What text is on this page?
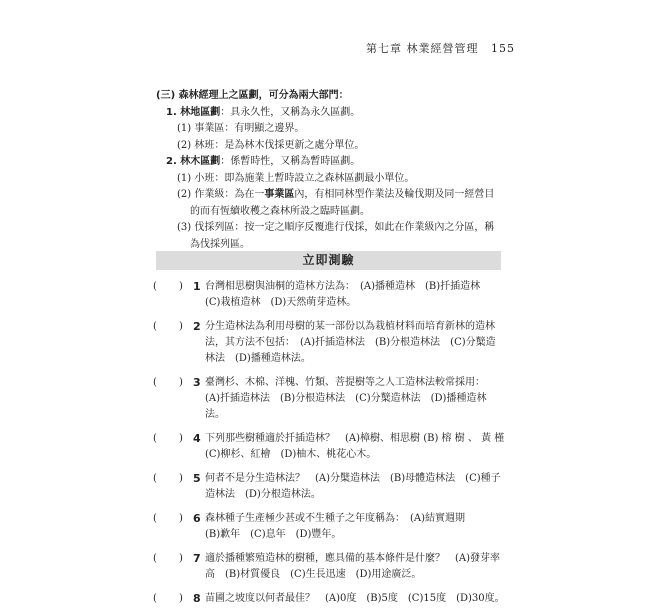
第七章 林業經營管理 155
(三) 森林經理上之區劃，可分為兩大部門：
1. 林地區劃：具永久性，又稱為永久區劃。
(1) 事業區：有明顯之邊界。
(2) 林班：是為林木伐採更新之處分單位。
2. 林木區劃：係暫時性，又稱為暫時區劃。
(1) 小班：即為施業上暫時設立之森林區劃最小單位。
(2) 作業級：為在一事業區內，有相同林型作業法及輪伐期及同一經營目
的而有恆續收穫之森林所設之臨時區劃。
(3) 伐採列區：按一定之順序反覆進行伐採，如此在作業級內之分區，稱
為伐採列區。
立即測驗
( ) 1 台灣相思樹與油桐的造林方法為：　(A)播種造林　(B)扦插造林
(C)栽植造林　(D)天然萌芽造林。
( ) 2 分生造林法為利用母樹的某一部份以為栽植材料而培育新林的造林
法，其方法不包括：　(A)扦插造林法　(B)分根造林法　(C)分櫱造
林法　(D)播種造林法。
( ) 3 臺灣杉、木棉、洋槐、竹類、菩提樹等之人工造林法較常採用：
(A)扦插造林法　(B)分根造林法　(C)分櫱造林法　(D)播種造林法。
( ) 4 下列那些樹種適於扦插造林？　(A)樟樹、相思樹 (B) 榕 樹 、 黃 槿
(C)柳杉、紅檜　(D)柚木、桃花心木。
( ) 5 何者不是分生造林法？　(A)分櫱造林法　(B)母體造林法　(C)種子
造林法　(D)分根造林法。
( ) 6 森林種子生產極少甚或不生種子之年度稱為：　(A)結實週期
(B)歉年　(C)息年　(D)豐年。
( ) 7 適於播種繁殖造林的樹種，應具備的基本條件是什麼？　(A)發芽率
高　(B)材質優良　(C)生長迅速　(D)用途廣泛。
( ) 8 苗圃之坡度以何者最佳？　(A)0度　(B)5度　(C)15度　(D)30度。
